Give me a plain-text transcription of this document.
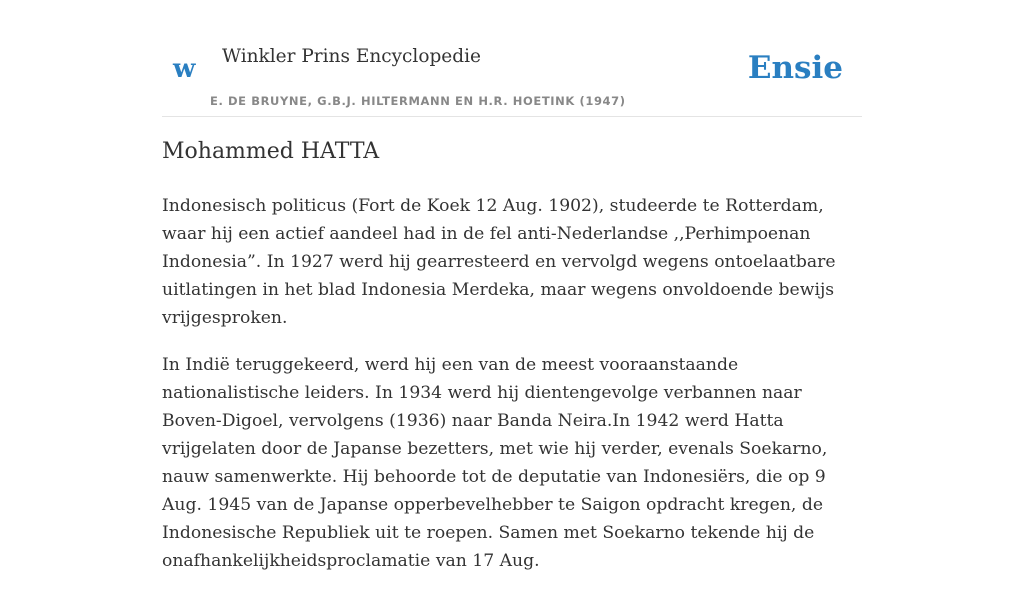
w Winkler Prins Encyclopedie
E. DE BRUYNE, G.B.J. HILTERMANN EN H.R. HOETINK (1947)
Ensie
Mohammed HATTA

Indonesisch politicus (Fort de Koek 12 Aug. 1902), studeerde te Rotterdam, waar hij een actief aandeel had in de fel anti-Nederlandse ,,Perhimpoenan Indonesia”. In 1927 werd hij gearresteerd en vervolgd wegens ontoelaatbare uitlatingen in het blad Indonesia Merdeka, maar wegens onvoldoende bewijs vrijgesproken.

In Indië teruggekeerd, werd hij een van de meest vooraanstaande nationalistische leiders. In 1934 werd hij dientengevolge verbannen naar Boven-Digoel, vervolgens (1936) naar Banda Neira.In 1942 werd Hatta vrijgelaten door de Japanse bezetters, met wie hij verder, evenals Soekarno, nauw samenwerkte. Hij behoorde tot de deputatie van Indonesiërs, die op 9 Aug. 1945 van de Japanse opperbevelhebber te Saigon opdracht kregen, de Indonesische Republiek uit te roepen. Samen met Soekarno tekende hij de onafhankelijkheidsproclamatie van 17 Aug.
